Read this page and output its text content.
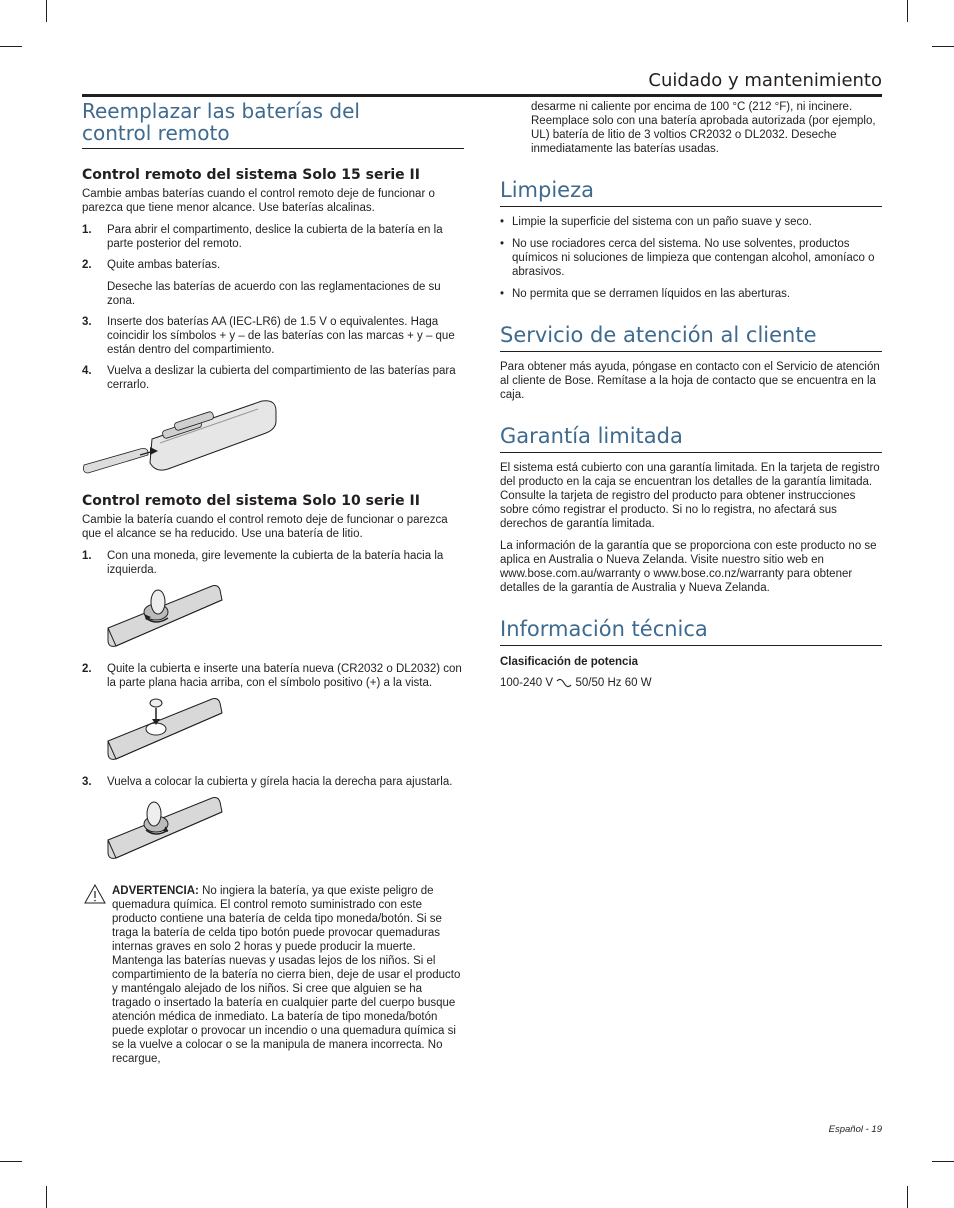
Cuidado y mantenimiento
Reemplazar las baterías del
control remoto
Control remoto del sistema Solo 15 serie II

Cambie ambas baterías cuando el control remoto deje de funcionar o parezca que tiene menor alcance. Use baterías alcalinas.

1. Para abrir el compartimento, deslice la cubierta de la batería en la parte posterior del remoto.
2. Quite ambas baterías.
Deseche las baterías de acuerdo con las reglamentaciones de su zona.
3. Inserte dos baterías AA (IEC-LR6) de 1.5 V o equivalentes. Haga coincidir los símbolos + y – de las baterías con las marcas + y – que están dentro del compartimiento.
4. Vuelva a deslizar la cubierta del compartimiento de las baterías para cerrarlo.
Control remoto del sistema Solo 10 serie II

Cambie la batería cuando el control remoto deje de funcionar o parezca que el alcance se ha reducido. Use una batería de litio.

1. Con una moneda, gire levemente la cubierta de la batería hacia la izquierda.
2. Quite la cubierta e inserte una batería nueva (CR2032 o DL2032) con la parte plana hacia arriba, con el símbolo positivo (+) a la vista.
3. Vuelva a colocar la cubierta y gírela hacia la derecha para ajustarla.

ADVERTENCIA: No ingiera la batería, ya que existe peligro de quemadura química. El control remoto suministrado con este producto contiene una batería de celda tipo moneda/botón. Si se traga la batería de celda tipo botón puede provocar quemaduras internas graves en solo 2 horas y puede producir la muerte. Mantenga las baterías nuevas y usadas lejos de los niños. Si el compartimiento de la batería no cierra bien, deje de usar el producto y manténgalo alejado de los niños. Si cree que alguien se ha tragado o insertado la batería en cualquier parte del cuerpo busque atención médica de inmediato. La batería de tipo moneda/botón puede explotar o provocar un incendio o una quemadura química si se la vuelve a colocar o se la manipula de manera incorrecta. No recargue,

desarme ni caliente por encima de 100 °C (212 °F), ni incinere. Reemplace solo con una batería aprobada autorizada (por ejemplo, UL) batería de litio de 3 voltios CR2032 o DL2032. Deseche inmediatamente las baterías usadas.

Limpieza
• Limpie la superficie del sistema con un paño suave y seco.
• No use rociadores cerca del sistema. No use solventes, productos químicos ni soluciones de limpieza que contengan alcohol, amoníaco o abrasivos.
• No permita que se derramen líquidos en las aberturas.
Servicio de atención al cliente

Para obtener más ayuda, póngase en contacto con el Servicio de atención al cliente de Bose. Remítase a la hoja de contacto que se encuentra en la caja.

Garantía limitada

El sistema está cubierto con una garantía limitada. En la tarjeta de registro del producto en la caja se encuentran los detalles de la garantía limitada. Consulte la tarjeta de registro del producto para obtener instrucciones sobre cómo registrar el producto. Si no lo registra, no afectará sus derechos de garantía limitada.

La información de la garantía que se proporciona con este producto no se aplica en Australia o Nueva Zelanda. Visite nuestro sitio web en www.bose.com.au/warranty o www.bose.co.nz/warranty para obtener detalles de la garantía de Australia y Nueva Zelanda.

Información técnica
Clasificación de potencia

100-240 V 50/50 Hz 60 W

Español - 19
